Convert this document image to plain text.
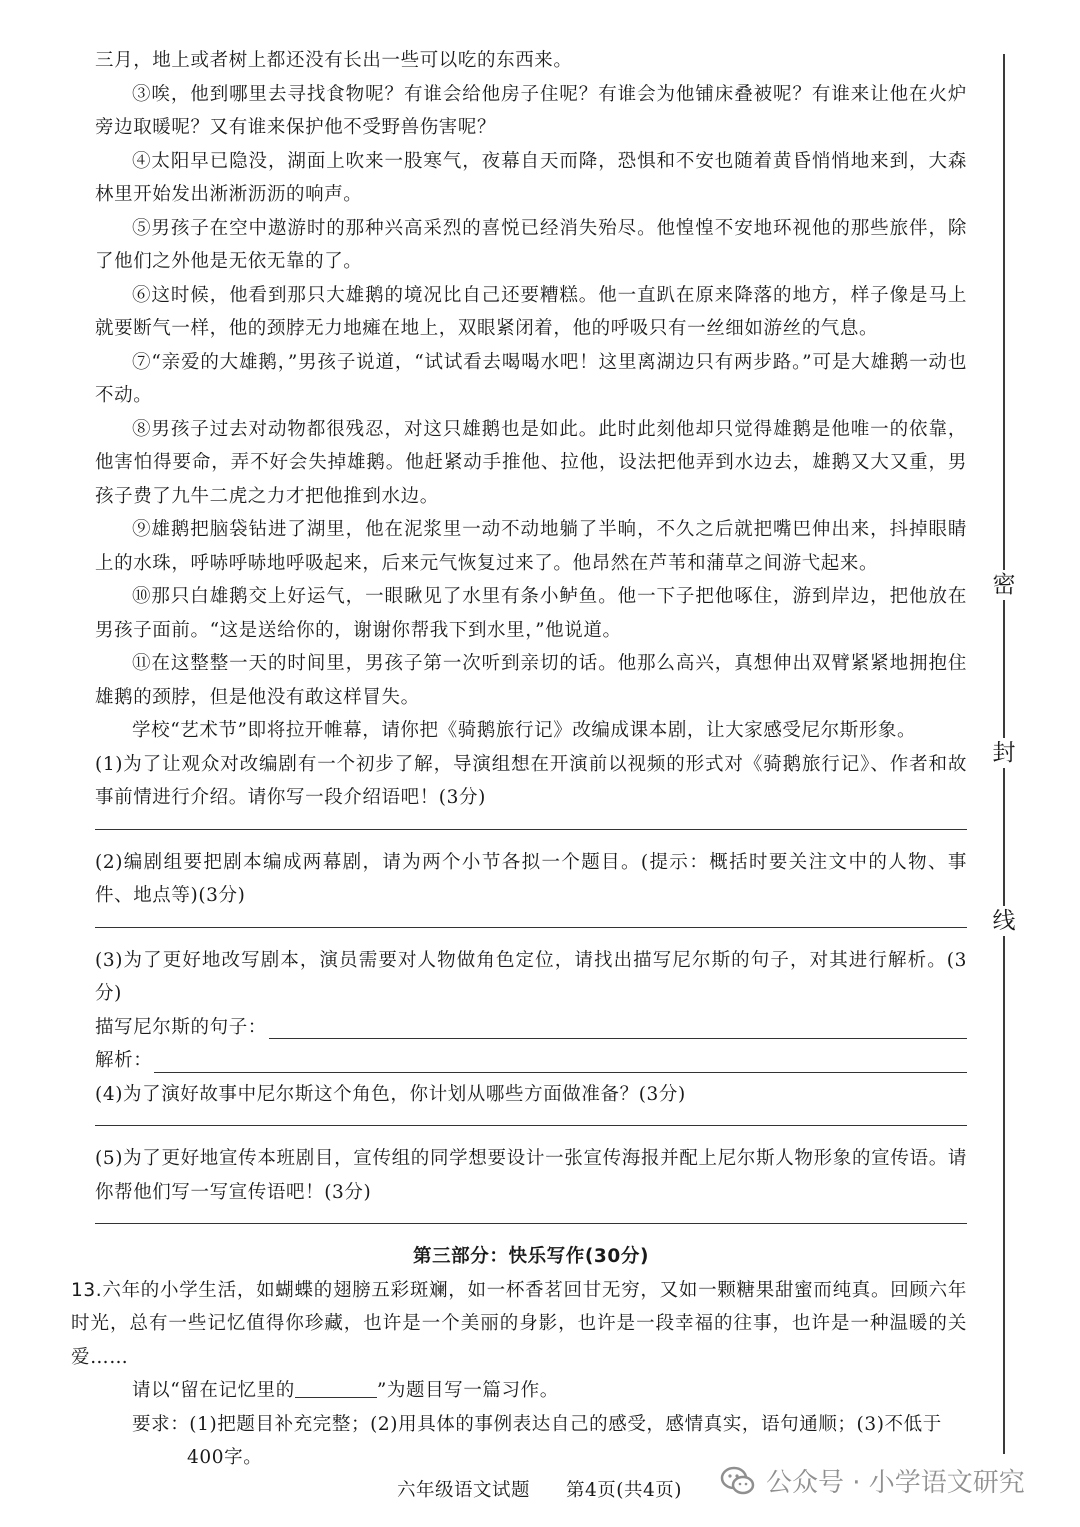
三月，地上或者树上都还没有长出一些可以吃的东西来。

③唉，他到哪里去寻找食物呢？有谁会给他房子住呢？有谁会为他铺床叠被呢？有谁来让他在火炉旁边取暖呢？又有谁来保护他不受野兽伤害呢？

④太阳早已隐没，湖面上吹来一股寒气，夜幕自天而降，恐惧和不安也随着黄昏悄悄地来到，大森林里开始发出淅淅沥沥的响声。

⑤男孩子在空中遨游时的那种兴高采烈的喜悦已经消失殆尽。他惶惶不安地环视他的那些旅伴，除了他们之外他是无依无靠的了。

⑥这时候，他看到那只大雄鹅的境况比自己还要糟糕。他一直趴在原来降落的地方，样子像是马上就要断气一样，他的颈脖无力地瘫在地上，双眼紧闭着，他的呼吸只有一丝细如游丝的气息。

⑦“亲爱的大雄鹅，”男孩子说道，“试试看去喝喝水吧！这里离湖边只有两步路。”可是大雄鹅一动也不动。

⑧男孩子过去对动物都很残忍，对这只雄鹅也是如此。此时此刻他却只觉得雄鹅是他唯一的依靠，他害怕得要命，弄不好会失掉雄鹅。他赶紧动手推他、拉他，设法把他弄到水边去，雄鹅又大又重，男孩子费了九牛二虎之力才把他推到水边。

⑨雄鹅把脑袋钻进了湖里，他在泥浆里一动不动地躺了半晌，不久之后就把嘴巴伸出来，抖掉眼睛上的水珠，呼哧呼哧地呼吸起来，后来元气恢复过来了。他昂然在芦苇和蒲草之间游弋起来。

⑩那只白雄鹅交上好运气，一眼瞅见了水里有条小鲈鱼。他一下子把他啄住，游到岸边，把他放在男孩子面前。“这是送给你的，谢谢你帮我下到水里，”他说道。

⑪在这整整一天的时间里，男孩子第一次听到亲切的话。他那么高兴，真想伸出双臂紧紧地拥抱住雄鹅的颈脖，但是他没有敢这样冒失。

学校“艺术节”即将拉开帷幕，请你把《骑鹅旅行记》改编成课本剧，让大家感受尼尔斯形象。

(1)为了让观众对改编剧有一个初步了解，导演组想在开演前以视频的形式对《骑鹅旅行记》、作者和故事前情进行介绍。请你写一段介绍语吧！(3分)

(2)编剧组要把剧本编成两幕剧，请为两个小节各拟一个题目。(提示：概括时要关注文中的人物、事件、地点等)(3分)

(3)为了更好地改写剧本，演员需要对人物做角色定位，请找出描写尼尔斯的句子，对其进行解析。(3分)

描写尼尔斯的句子：
解析：

(4)为了演好故事中尼尔斯这个角色，你计划从哪些方面做准备？(3分)

(5)为了更好地宣传本班剧目，宣传组的同学想要设计一张宣传海报并配上尼尔斯人物形象的宣传语。请你帮他们写一写宣传语吧！(3分)

第三部分：快乐写作(30分)

13.六年的小学生活，如蝴蝶的翅膀五彩斑斓，如一杯香茗回甘无穷，又如一颗糖果甜蜜而纯真。回顾六年时光，总有一些记忆值得你珍藏，也许是一个美丽的身影，也许是一段幸福的往事，也许是一种温暖的关爱……

请以“留在记忆里的	”为题目写一篇习作。

要求：(1)把题目补充完整；(2)用具体的事例表达自己的感受，感情真实，语句通顺；(3)不低于

400字。

密
封
线
六年级语文试题 第4页(共4页)	公众号 · 小学语文研究
